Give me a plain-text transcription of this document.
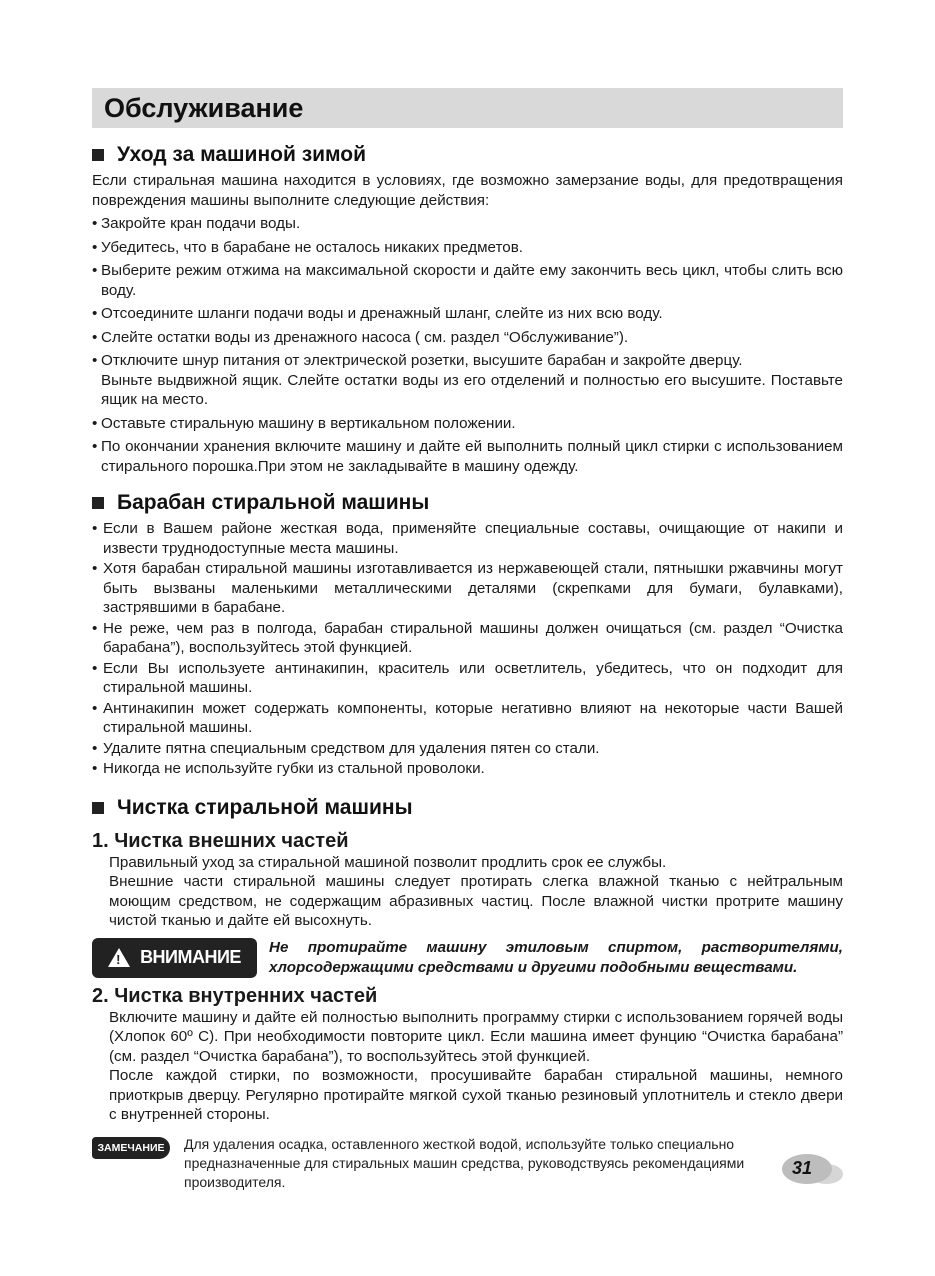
Обслуживание
Уход за машиной зимой

Если стиральная машина находится в условиях, где возможно замерзание воды, для предотвращения повреждения машины выполните следующие действия:

• Закройте кран подачи воды.
• Убедитесь, что в барабане не осталось никаких предметов.
• Выберите режим отжима на максимальной скорости и дайте ему закончить весь цикл, чтобы слить всю воду.
• Отсоедините шланги подачи воды и дренажный шланг, слейте из них всю воду.
• Слейте остатки воды из дренажного насоса ( см. раздел “Обслуживание”).
• Отключите шнур питания от электрической розетки, высушите барабан и закройте дверцу.
Выньте выдвижной ящик. Слейте остатки воды из его отделений и полностью его высушите. Поставьте ящик на место.
• Оставьте стиральную машину в вертикальном положении.
• По окончании хранения включите машину и дайте ей выполнить полный цикл стирки с использованием стирального порошка.При этом не закладывайте в машину одежду.
Барабан стиральной машины
• Если в Вашем районе жесткая вода, применяйте специальные составы, очищающие от накипи и извести труднодоступные места машины.
• Хотя барабан стиральной машины изготавливается из нержавеющей стали, пятнышки ржавчины могут быть вызваны маленькими металлическими деталями (скрепками для бумаги, булавками), застрявшими в барабане.
• Не реже, чем раз в полгода, барабан стиральной машины должен очищаться (см. раздел “Очистка барабана”), воспользуйтесь этой функцией.
• Если Вы используете антинакипин, краситель или осветлитель, убедитесь, что он подходит для стиральной машины.
• Антинакипин может содержать компоненты, которые негативно влияют на некоторые части Вашей стиральной машины.
• Удалите пятна специальным средством для удаления пятен со стали.
• Никогда не используйте губки из стальной проволоки.
Чистка стиральной машины
1. Чистка внешних частей

Правильный уход за стиральной машиной позволит продлить срок ее службы.

Внешние части стиральной машины следует протирать слегка влажной тканью с нейтральным моющим средством, не содержащим абразивных частиц. После влажной чистки протрите машину чистой тканью и дайте ей высохнуть.

! ВНИМАНИЕ	Не протирайте машину этиловым спиртом, растворителями, хлорсодержащими средствами и другими подобными веществами.
2. Чистка внутренних частей

Включите машину и дайте ей полностью выполнить программу стирки с использованием горячей воды (Хлопок 60º С). При необходимости повторите цикл. Если машина имеет фунцию “Очистка барабана” (см. раздел “Очистка барабана”), то воспользуйтесь этой функцией.

После каждой стирки, по возможности, просушивайте барабан стиральной машины, немного приоткрыв дверцу. Регулярно протирайте мягкой сухой тканью резиновый уплотнитель и стекло двери с внутренней стороны.

ЗАМЕЧАНИЕ	Для удаления осадка, оставленного жесткой водой, используйте только специально предназначенные для стиральных машин средства, руководствуясь рекомендациями производителя.
31
